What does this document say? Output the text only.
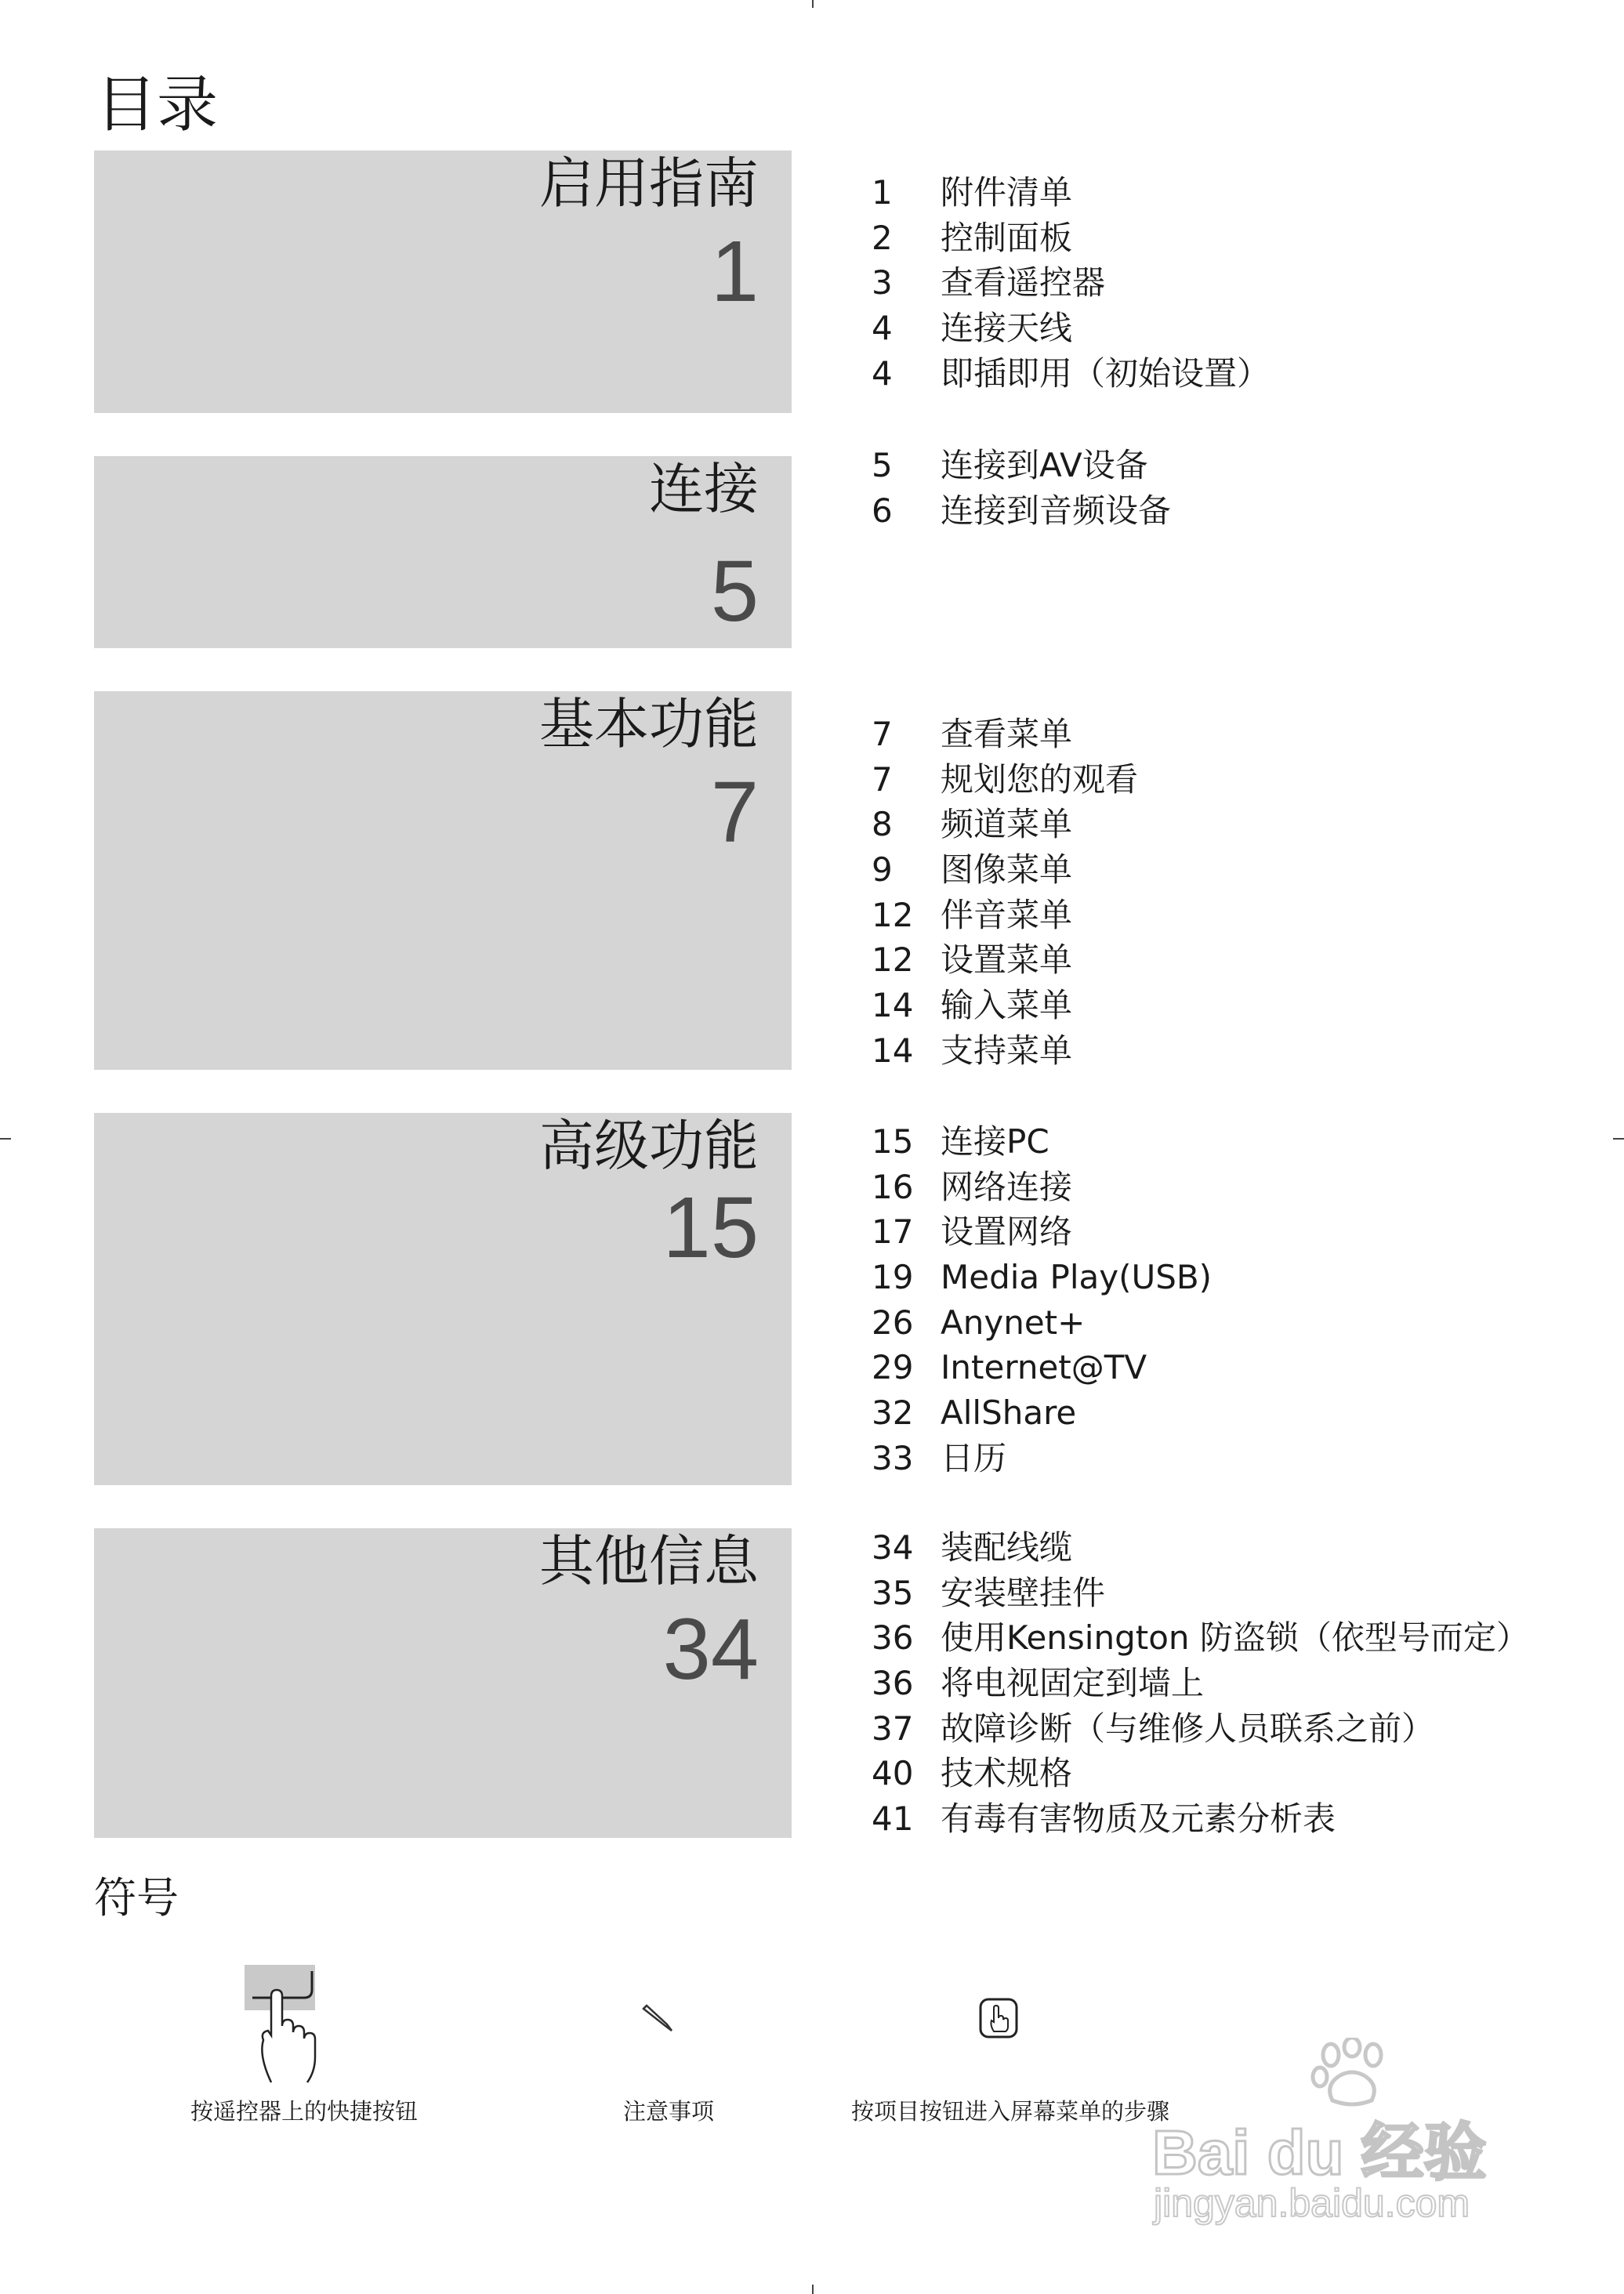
目录
启用指南
1
1 附件清单
2 控制面板
3 查看遥控器
4 连接天线
4 即插即用（初始设置）
连接
5
5 连接到AV设备
6 连接到音频设备
基本功能
7
7 查看菜单
7 规划您的观看
8 频道菜单
9 图像菜单
12 伴音菜单
12 设置菜单
14 输入菜单
14 支持菜单
高级功能
15
15 连接PC
16 网络连接
17 设置网络
19 Media Play(USB)
26 Anynet+
29 Internet@TV
32 AllShare
33 日历
其他信息
34
34 装配线缆
35 安装壁挂件
36 使用Kensington 防盗锁（依型号而定）
36 将电视固定到墙上
37 故障诊断（与维修人员联系之前）
40 技术规格
41 有毒有害物质及元素分析表
符号
按遥控器上的快捷按钮	注意事项	按项目按钮进入屏幕菜单的步骤
Bai du 经验
jingyan.baidu.com
